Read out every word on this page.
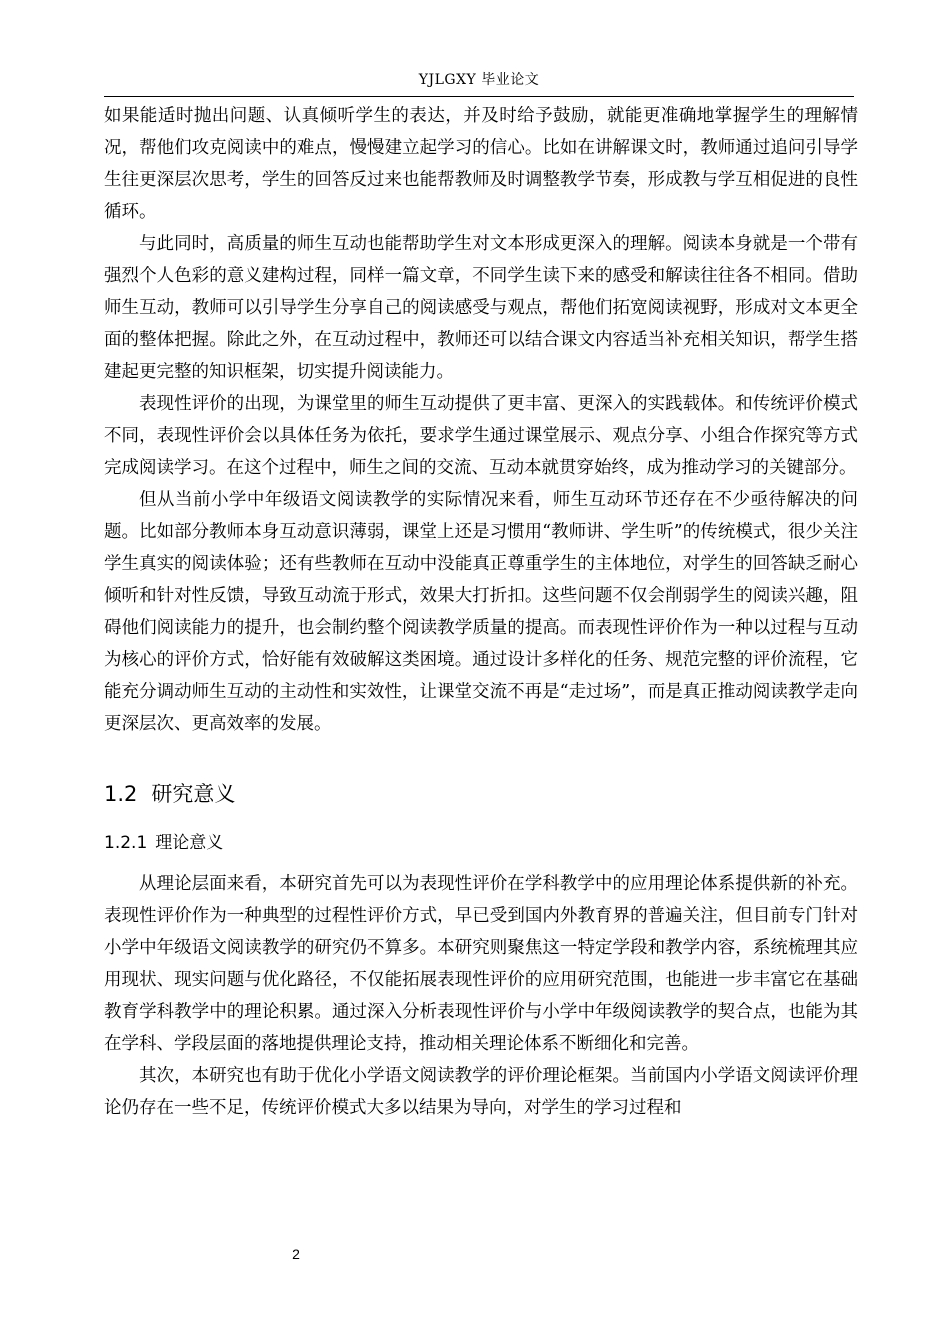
YJLGXY 毕业论文

如果能适时抛出问题、认真倾听学生的表达，并及时给予鼓励，就能更准确地掌握学生的理解情况，帮他们攻克阅读中的难点，慢慢建立起学习的信心。比如在讲解课文时，教师通过追问引导学生往更深层次思考，学生的回答反过来也能帮教师及时调整教学节奏，形成教与学互相促进的良性循环。

与此同时，高质量的师生互动也能帮助学生对文本形成更深入的理解。阅读本身就是一个带有强烈个人色彩的意义建构过程，同样一篇文章，不同学生读下来的感受和解读往往各不相同。借助师生互动，教师可以引导学生分享自己的阅读感受与观点，帮他们拓宽阅读视野，形成对文本更全面的整体把握。除此之外，在互动过程中，教师还可以结合课文内容适当补充相关知识，帮学生搭建起更完整的知识框架，切实提升阅读能力。

表现性评价的出现，为课堂里的师生互动提供了更丰富、更深入的实践载体。和传统评价模式不同，表现性评价会以具体任务为依托，要求学生通过课堂展示、观点分享、小组合作探究等方式完成阅读学习。在这个过程中，师生之间的交流、互动本就贯穿始终，成为推动学习的关键部分。

但从当前小学中年级语文阅读教学的实际情况来看，师生互动环节还存在不少亟待解决的问题。比如部分教师本身互动意识薄弱，课堂上还是习惯用“教师讲、学生听”的传统模式，很少关注学生真实的阅读体验；还有些教师在互动中没能真正尊重学生的主体地位，对学生的回答缺乏耐心倾听和针对性反馈，导致互动流于形式，效果大打折扣。这些问题不仅会削弱学生的阅读兴趣，阻碍他们阅读能力的提升，也会制约整个阅读教学质量的提高。而表现性评价作为一种以过程与互动为核心的评价方式，恰好能有效破解这类困境。通过设计多样化的任务、规范完整的评价流程，它能充分调动师生互动的主动性和实效性，让课堂交流不再是“走过场”，而是真正推动阅读教学走向更深层次、更高效率的发展。

1.2 研究意义
1.2.1 理论意义

从理论层面来看，本研究首先可以为表现性评价在学科教学中的应用理论体系提供新的补充。表现性评价作为一种典型的过程性评价方式，早已受到国内外教育界的普遍关注，但目前专门针对小学中年级语文阅读教学的研究仍不算多。本研究则聚焦这一特定学段和教学内容，系统梳理其应用现状、现实问题与优化路径，不仅能拓展表现性评价的应用研究范围，也能进一步丰富它在基础教育学科教学中的理论积累。通过深入分析表现性评价与小学中年级阅读教学的契合点，也能为其在学科、学段层面的落地提供理论支持，推动相关理论体系不断细化和完善。

其次，本研究也有助于优化小学语文阅读教学的评价理论框架。当前国内小学语文阅读评价理论仍存在一些不足，传统评价模式大多以结果为导向，对学生的学习过程和

2
